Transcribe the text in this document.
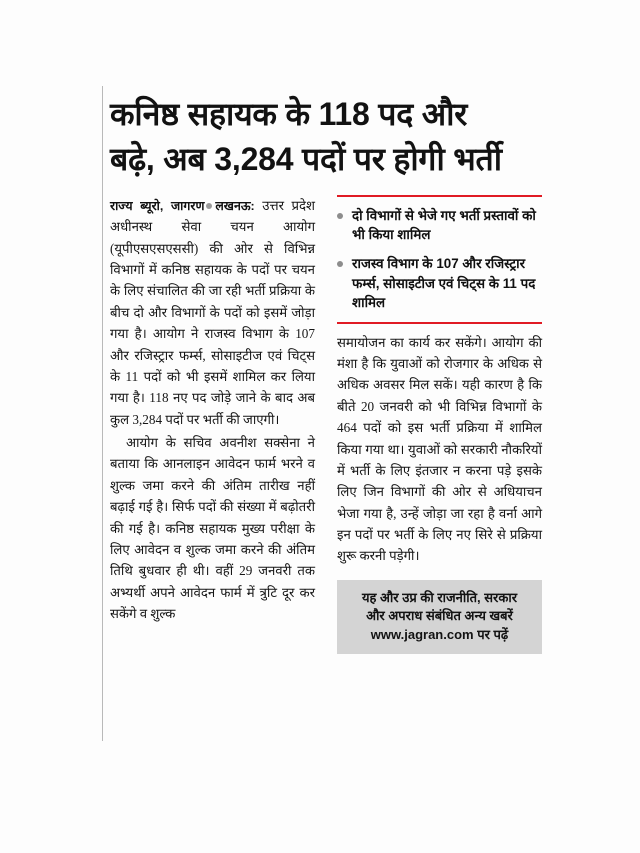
कनिष्ठ सहायक के 118 पद और
बढ़े, अब 3,284 पदों पर होगी भर्ती

राज्य ब्यूरो, जागरण लखनऊ: उत्तर प्रदेश अधीनस्थ सेवा चयन आयोग (यूपीएसएसएससी) की ओर से विभिन्न विभागों में कनिष्ठ सहायक के पदों पर चयन के लिए संचालित की जा रही भर्ती प्रक्रिया के बीच दो और विभागों के पदों को इसमें जोड़ा गया है। आयोग ने राजस्व विभाग के 107 और रजिस्ट्रार फर्म्स, सोसाइटीज एवं चिट्स के 11 पदों को भी इसमें शामिल कर लिया गया है। 118 नए पद जोड़े जाने के बाद अब कुल 3,284 पदों पर भर्ती की जाएगी।

आयोग के सचिव अवनीश सक्सेना ने बताया कि आनलाइन आवेदन फार्म भरने व शुल्क जमा करने की अंतिम तारीख नहीं बढ़ाई गई है। सिर्फ पदों की संख्या में बढ़ोतरी की गई है। कनिष्ठ सहायक मुख्य परीक्षा के लिए आवेदन व शुल्क जमा करने की अंतिम तिथि बुधवार ही थी। वहीं 29 जनवरी तक अभ्यर्थी अपने आवेदन फार्म में त्रुटि दूर कर सकेंगे व शुल्क

दो विभागों से भेजे गए भर्ती प्रस्तावों को भी किया शामिल
राजस्व विभाग के 107 और रजिस्ट्रार फर्म्स, सोसाइटीज एवं चिट्स के 11 पद शामिल

समायोजन का कार्य कर सकेंगे। आयोग की मंशा है कि युवाओं को रोजगार के अधिक से अधिक अवसर मिल सकें। यही कारण है कि बीते 20 जनवरी को भी विभिन्न विभागों के 464 पदों को इस भर्ती प्रक्रिया में शामिल किया गया था। युवाओं को सरकारी नौकरियों में भर्ती के लिए इंतजार न करना पड़े इसके लिए जिन विभागों की ओर से अधियाचन भेजा गया है, उन्हें जोड़ा जा रहा है वर्ना आगे इन पदों पर भर्ती के लिए नए सिरे से प्रक्रिया शुरू करनी पड़ेगी।

यह और उप्र की राजनीति, सरकार
और अपराध संबंधित अन्य खबरें
www.jagran.com पर पढ़ें
